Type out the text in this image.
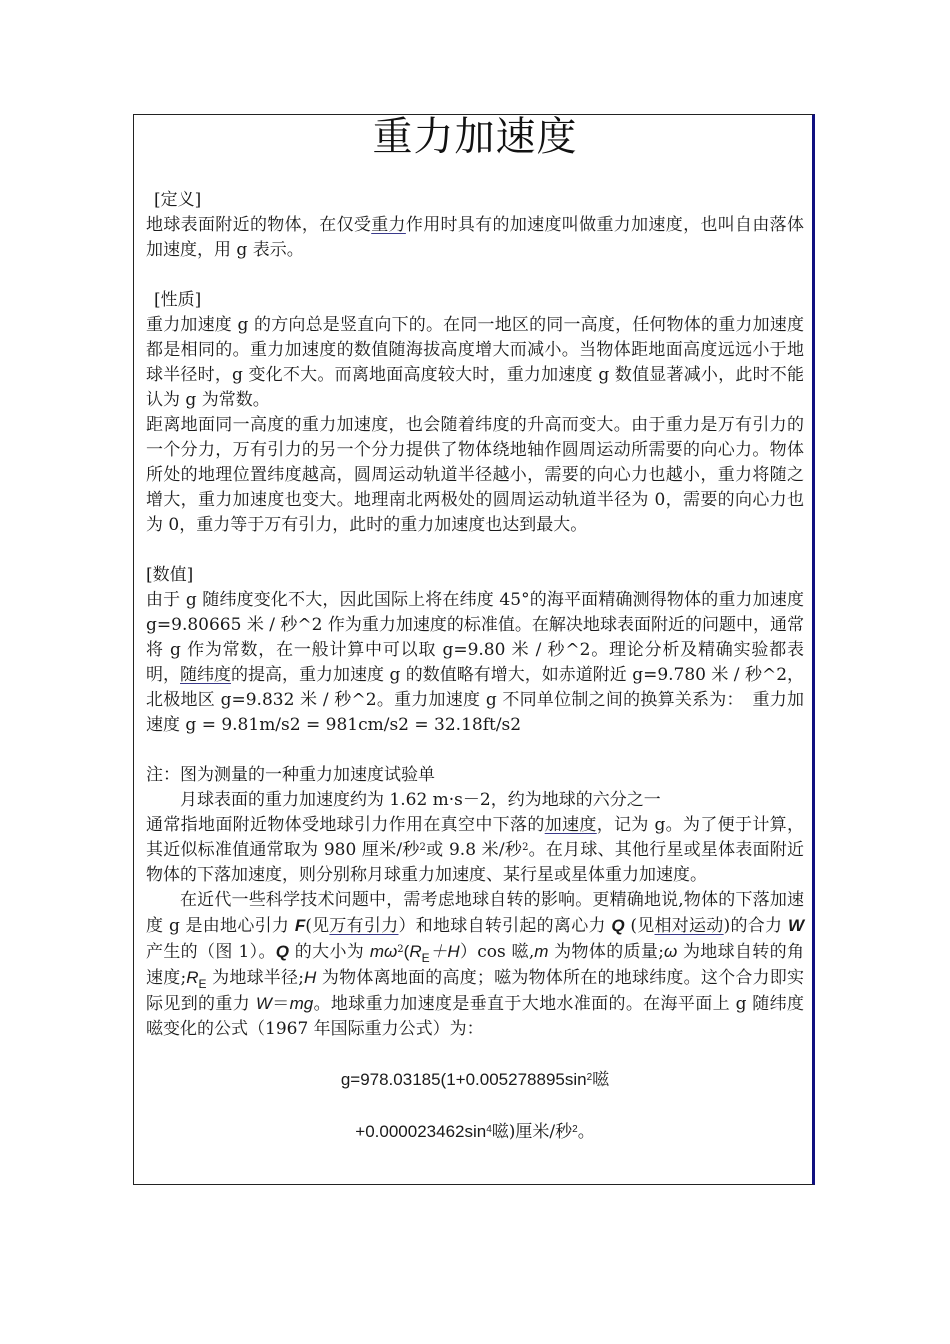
重力加速度
[定义]
地球表面附近的物体，在仅受重力作用时具有的加速度叫做重力加速度，也叫自由落体加速度，用 g 表示。
[性质]
重力加速度 g 的方向总是竖直向下的。在同一地区的同一高度，任何物体的重力加速度都是相同的。重力加速度的数值随海拔高度增大而减小。当物体距地面高度远远小于地球半径时，g 变化不大。而离地面高度较大时，重力加速度 g 数值显著减小，此时不能认为 g 为常数。
距离地面同一高度的重力加速度，也会随着纬度的升高而变大。由于重力是万有引力的一个分力，万有引力的另一个分力提供了物体绕地轴作圆周运动所需要的向心力。物体所处的地理位置纬度越高，圆周运动轨道半径越小，需要的向心力也越小，重力将随之增大，重力加速度也变大。地理南北两极处的圆周运动轨道半径为 0，需要的向心力也为 0，重力等于万有引力，此时的重力加速度也达到最大。
[数值]
由于 g 随纬度变化不大，因此国际上将在纬度 45°的海平面精确测得物体的重力加速度 g=9.80665 米 / 秒^2 作为重力加速度的标准值。在解决地球表面附近的问题中，通常将 g 作为常数，在一般计算中可以取 g=9.80 米 / 秒^2。理论分析及精确实验都表明，随纬度的提高，重力加速度 g 的数值略有增大，如赤道附近 g=9.780 米 / 秒^2，北极地区 g=9.832 米 / 秒^2。重力加速度 g 不同单位制之间的换算关系为：　重力加速度 g = 9.81m/s2 = 981cm/s2 = 32.18ft/s2
注：图为测量的一种重力加速度试验单
月球表面的重力加速度约为 1.62 m·s－2，约为地球的六分之一
通常指地面附近物体受地球引力作用在真空中下落的加速度，记为 g。为了便于计算，其近似标准值通常取为 980 厘米/秒$^2$或 9.8 米/秒$^2$。在月球、其他行星或星体表面附近物体的下落加速度，则分别称月球重力加速度、某行星或星体重力加速度。
在近代一些科学技术问题中，需考虑地球自转的影响。更精确地说,物体的下落加速度 g 是由地心引力 F(见万有引力）和地球自转引起的离心力 Q (见相对运动)的合力 W 产生的（图 1）。Q 的大小为 $m\omega^2(R_E+H)\cos$ 嗞,m 为物体的质量;ω 为地球自转的角速度$;R_E$ 为地球半径;H 为物体离地面的高度；嗞为物体所在的地球纬度。这个合力即实际见到的重力 W＝mg。地球重力加速度是垂直于大地水准面的。在海平面上 g 随纬度嗞变化的公式（1967 年国际重力公式）为：
$g=978.03185(1+0.005278895\sin^2$嗞
$+0.000023462\sin^4$嗞)厘米/秒$^2$。
